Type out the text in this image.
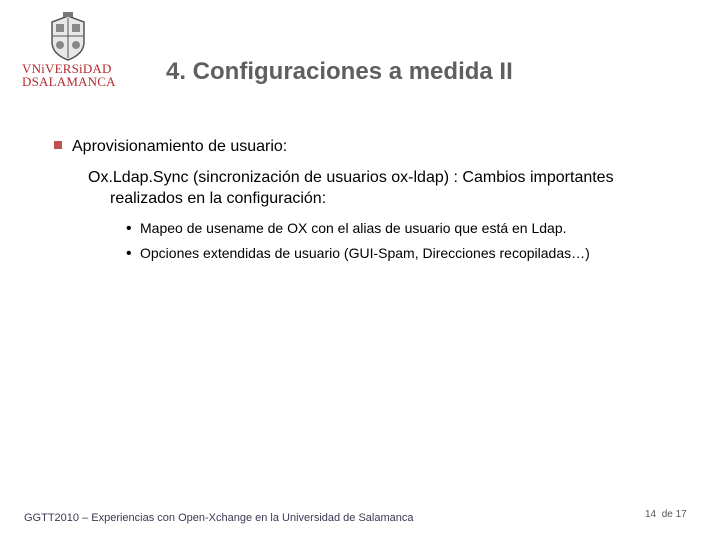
VNiVERSiDAD
DSALAMANCA 4. Configuraciones a medida II
Aprovisionamiento de usuario:
Ox.Ldap.Sync (sincronización de usuarios ox-ldap) : Cambios importantes
realizados en la configuración:
• Mapeo de usename de OX con el alias de usuario que está en Ldap.
• Opciones extendidas de usuario (GUI-Spam, Direcciones recopiladas…)
GGTT2010 – Experiencias con Open-Xchange en la Universidad de Salamanca	14 de 17
